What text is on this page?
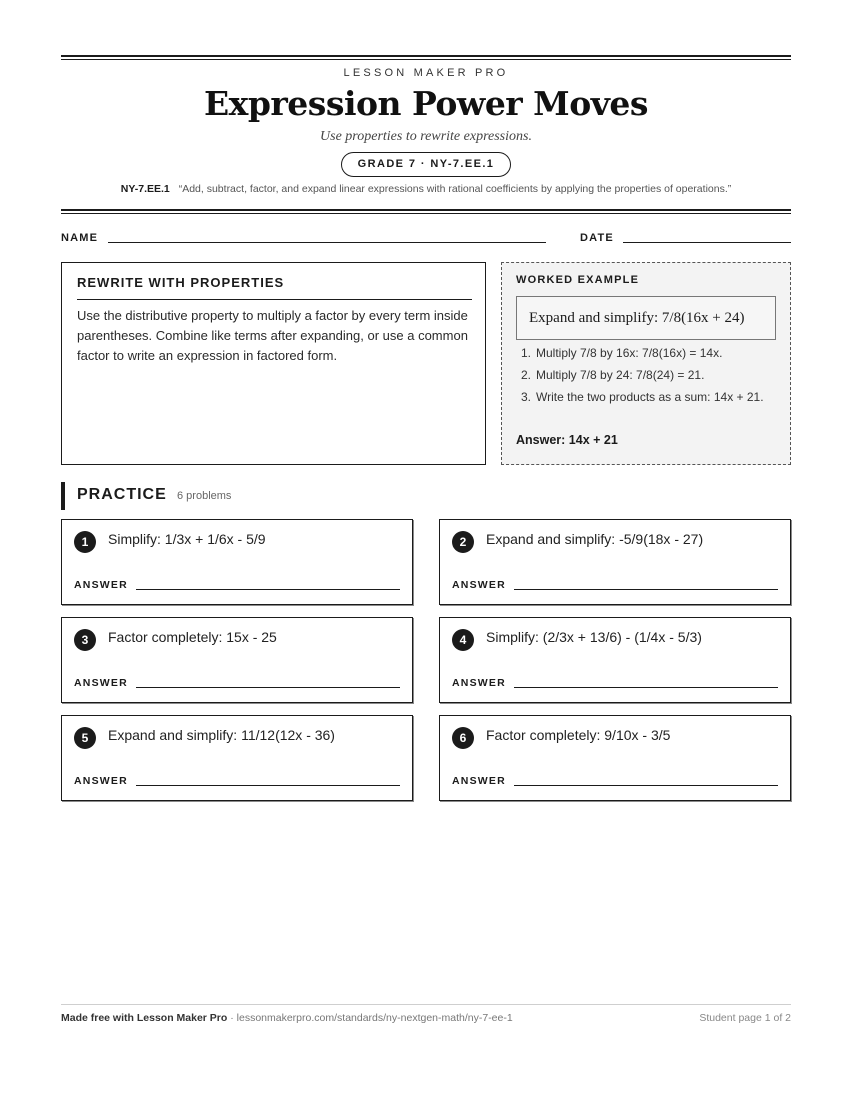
LESSON MAKER PRO
Expression Power Moves
Use properties to rewrite expressions.
GRADE 7 · NY-7.EE.1
NY-7.EE.1 “Add, subtract, factor, and expand linear expressions with rational coefficients by applying the properties of operations.”
NAME	DATE
REWRITE WITH PROPERTIES
Use the distributive property to multiply a factor by every term inside parentheses. Combine like terms after expanding, or use a common factor to write an expression in factored form.
WORKED EXAMPLE
Expand and simplify: 7/8(16x + 24)
1. Multiply 7/8 by 16x: 7/8(16x) = 14x.
2. Multiply 7/8 by 24: 7/8(24) = 21.
3. Write the two products as a sum: 14x + 21.
Answer: 14x + 21
PRACTICE 6 problems
1	Simplify: 1/3x + 1/6x - 5/9
ANSWER
2	Expand and simplify: -5/9(18x - 27)
ANSWER
3	Factor completely: 15x - 25
ANSWER
4	Simplify: (2/3x + 13/6) - (1/4x - 5/3)
ANSWER
5	Expand and simplify: 11/12(12x - 36)
ANSWER
6	Factor completely: 9/10x - 3/5
ANSWER
Made free with Lesson Maker Pro · lessonmakerpro.com/standards/ny-nextgen-math/ny-7-ee-1	Student page 1 of 2
